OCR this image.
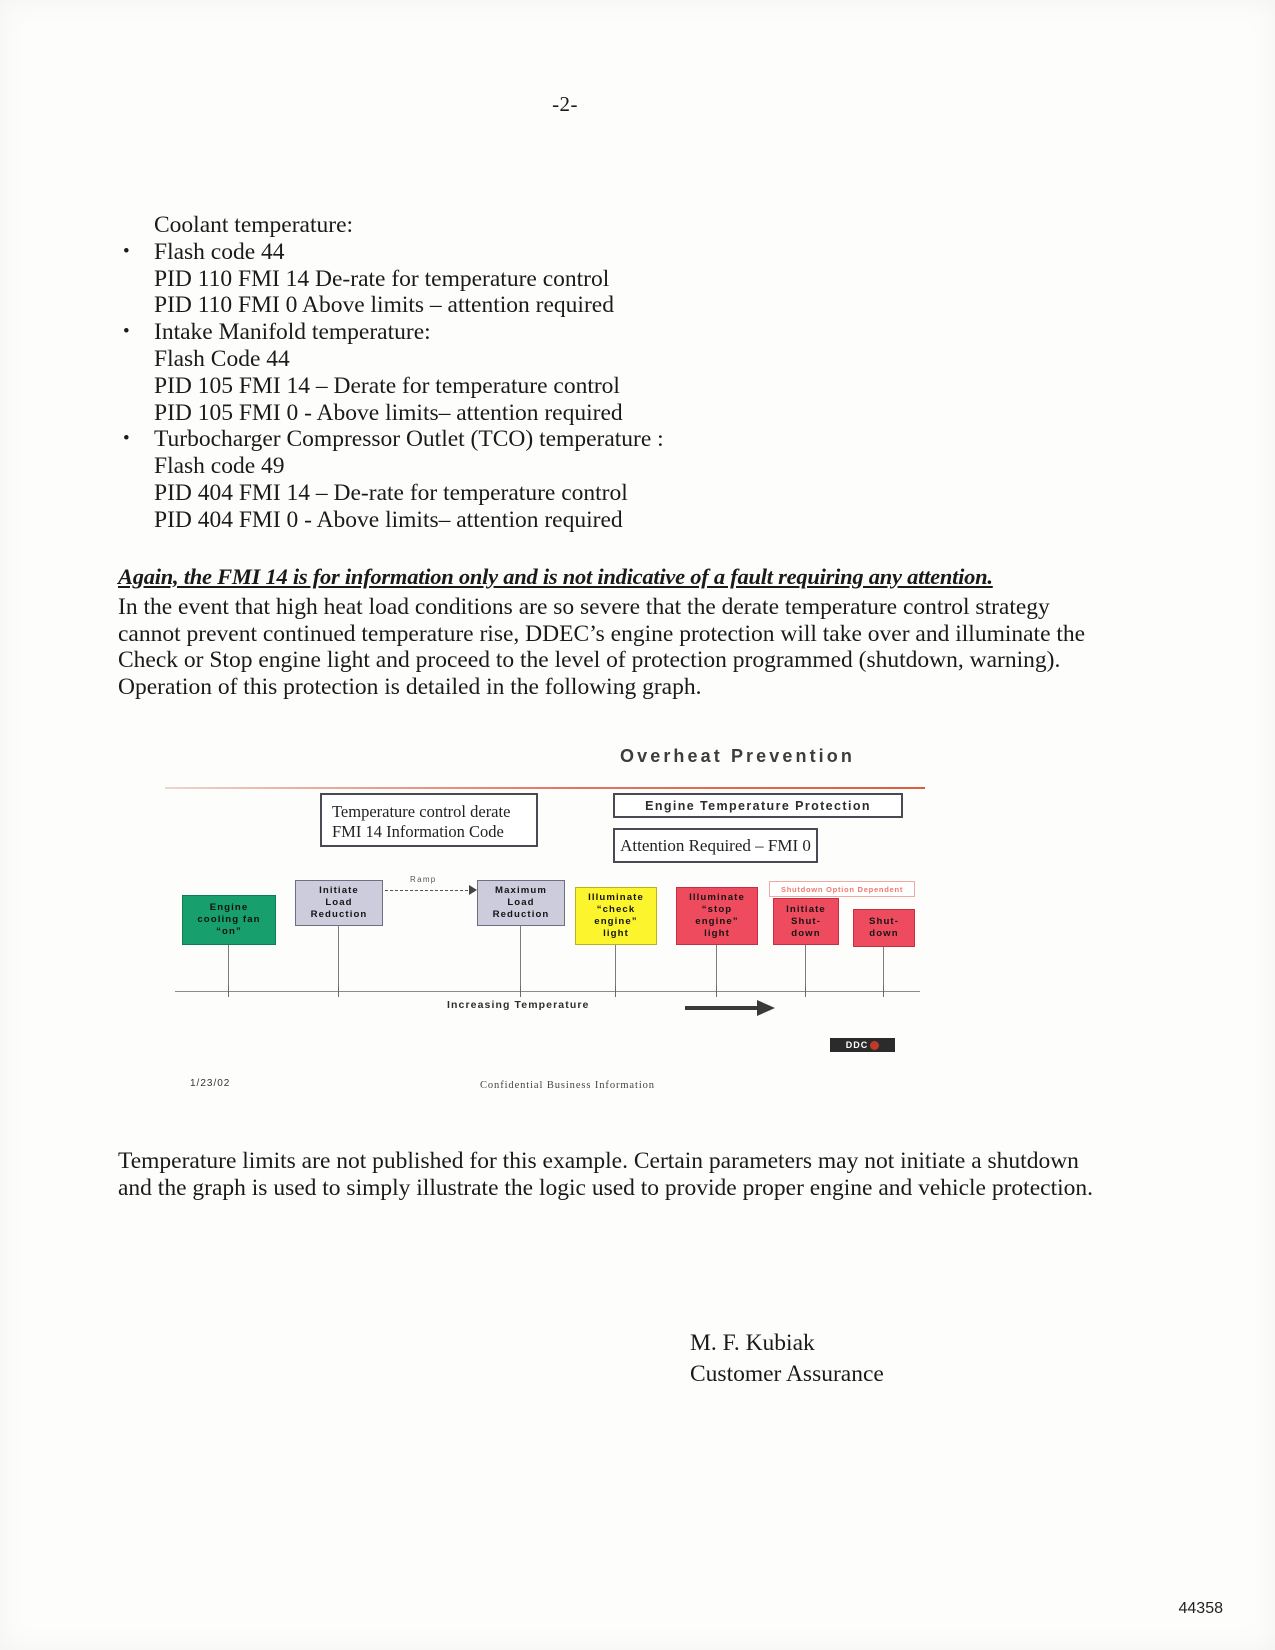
-2-
Coolant temperature:
•	Flash code 44
PID 110 FMI 14 De-rate for temperature control
PID 110 FMI 0 Above limits – attention required
•	Intake Manifold temperature:
Flash Code 44
PID 105 FMI 14 – Derate for temperature control
PID 105 FMI 0 - Above limits– attention required
•	Turbocharger Compressor Outlet (TCO) temperature :
Flash code 49
PID 404 FMI 14 – De-rate for temperature control
PID 404 FMI 0 - Above limits– attention required
Again, the FMI 14 is for information only and is not indicative of a fault requiring any attention.
In the event that high heat load conditions are so severe that the derate temperature control strategy
cannot prevent continued temperature rise, DDEC’s engine protection will take over and illuminate the
Check or Stop engine light and proceed to the level of protection programmed (shutdown, warning).
Operation of this protection is detailed in the following graph.
Overheat Prevention
Temperature control derate
FMI 14 Information Code
Engine Temperature Protection
Attention Required – FMI 0
Engine
cooling fan
“on”
Initiate
Load
Reduction
Ramp
Maximum
Load
Reduction
Illuminate
“check
engine”
light
Illuminate
“stop
engine”
light
Shutdown Option Dependent
Initiate
Shut-
down
Shut-
down
Increasing Temperature
DDC
1/23/02	Confidential Business Information
Temperature limits are not published for this example. Certain parameters may not initiate a shutdown
and the graph is used to simply illustrate the logic used to provide proper engine and vehicle protection.
M. F. Kubiak
Customer Assurance
44358
